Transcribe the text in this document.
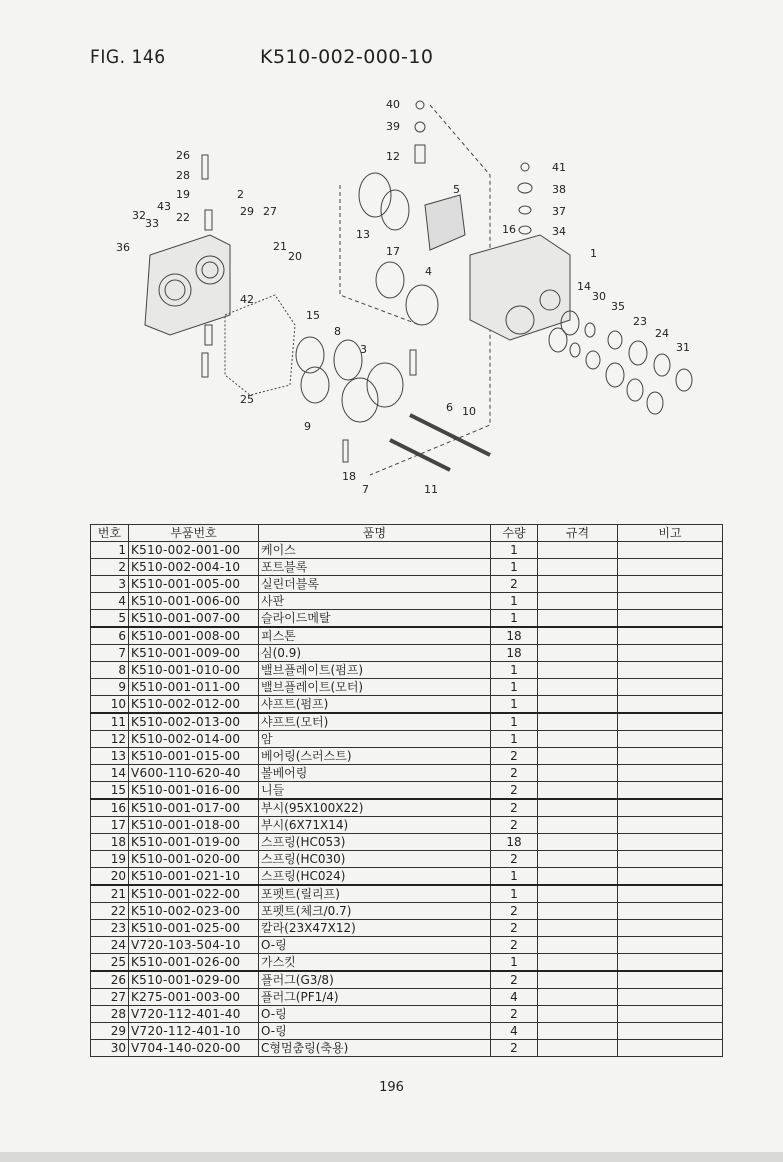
FIG. 146	K510-002-000-10
40
39
12
5
41
38
37
34
16
1
26
28
19	2
43
32
33 22	29 27
21
20
36
42
15
8
3
13
17
4
14
30
35
23
24
31
25
9
18
7
6 10
11
번호	부품번호	품명	수량	규격	비고
1	K510-002-001-00	케이스	1		
2	K510-002-004-10	포트블록	1		
3	K510-001-005-00	실린더블록	2		
4	K510-001-006-00	사판	1		
5	K510-001-007-00	슬라이드메탈	1		
6	K510-001-008-00	피스톤	18		
7	K510-001-009-00	심(0.9)	18		
8	K510-001-010-00	밸브플레이트(펌프)	1		
9	K510-001-011-00	밸브플레이트(모터)	1		
10	K510-002-012-00	샤프트(펌프)	1		
11	K510-002-013-00	샤프트(모터)	1		
12	K510-002-014-00	암	1		
13	K510-001-015-00	베어링(스러스트)	2		
14	V600-110-620-40	볼베어링	2		
15	K510-001-016-00	니들	2		
16	K510-001-017-00	부시(95X100X22)	2		
17	K510-001-018-00	부시(6X71X14)	2		
18	K510-001-019-00	스프링(HC053)	18		
19	K510-001-020-00	스프링(HC030)	2		
20	K510-001-021-10	스프링(HC024)	1		
21	K510-001-022-00	포펫트(릴리프)	1		
22	K510-002-023-00	포펫트(체크/0.7)	2		
23	K510-001-025-00	칼라(23X47X12)	2		
24	V720-103-504-10	O-링	2		
25	K510-001-026-00	가스킷	1		
26	K510-001-029-00	플러그(G3/8)	2		
27	K275-001-003-00	플러그(PF1/4)	4		
28	V720-112-401-40	O-링	2		
29	V720-112-401-10	O-링	4		
30	V704-140-020-00	C형멈춤링(축용)	2		
196
